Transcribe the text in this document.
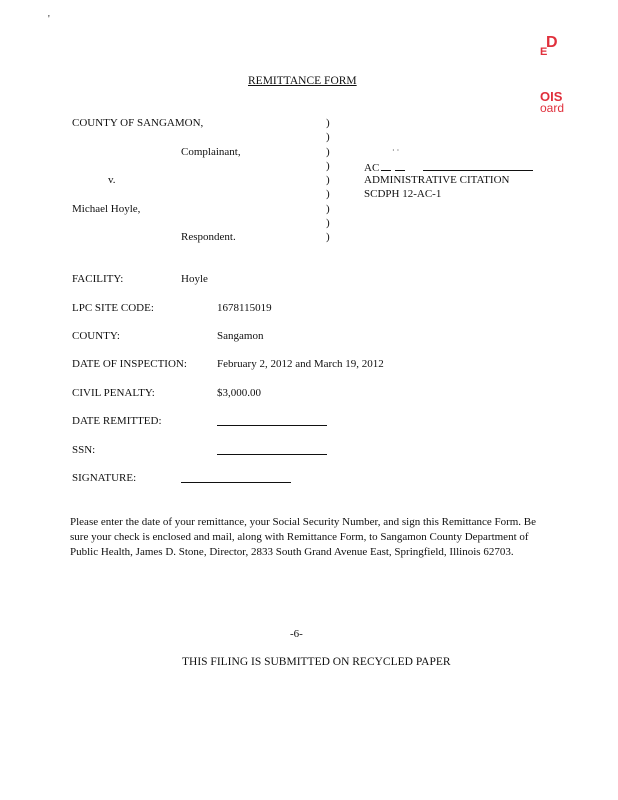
'
D
E
OIS
oard
REMITTANCE FORM
COUNTY OF SANGAMON,
Complainant,
v.
Michael Hoyle,
Respondent.
)
)
)
)
)
)
)
)
)
· ·
AC
ADMINISTRATIVE CITATION
SCDPH 12-AC-1
FACILITY:	Hoyle
LPC SITE CODE:	1678115019
COUNTY:	Sangamon
DATE OF INSPECTION:	February 2, 2012 and March 19, 2012
CIVIL PENALTY:	$3,000.00
DATE REMITTED:
SSN:
SIGNATURE:
Please enter the date of your remittance, your Social Security Number, and sign this Remittance Form. Be sure your check is enclosed and mail, along with Remittance Form, to Sangamon County Department of Public Health, James D. Stone, Director, 2833 South Grand Avenue East, Springfield, Illinois 62703.
-6-
THIS FILING IS SUBMITTED ON RECYCLED PAPER
